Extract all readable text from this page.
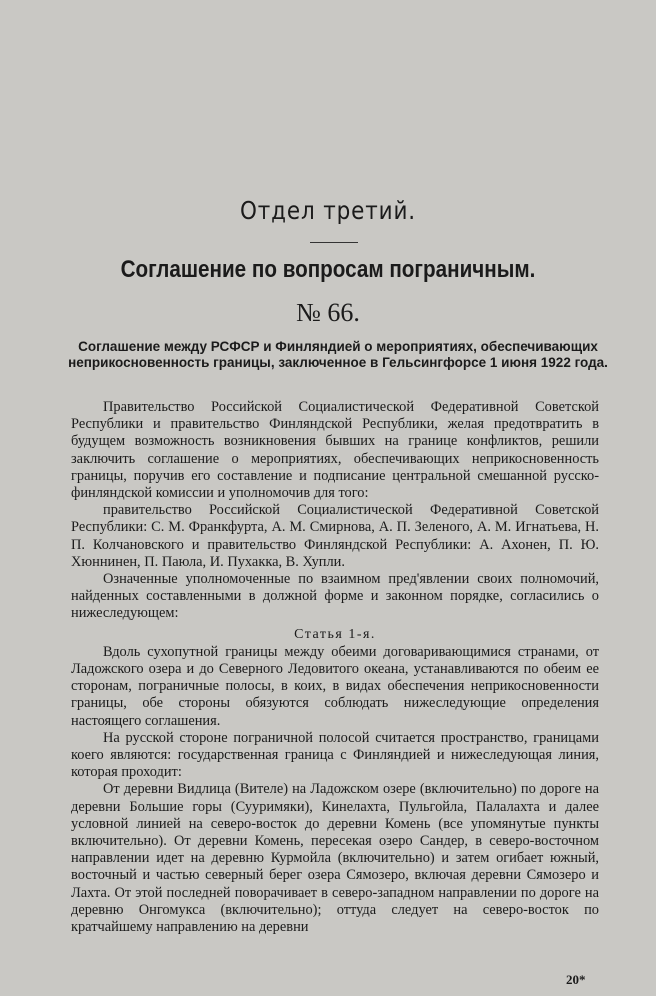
Отдел третий.
Соглашение по вопросам пограничным.
№ 66.
Соглашение между РСФСР и Финляндией о мероприятиях, обеспечивающих неприкосновенность границы, заключенное в Гельсингфорсе 1 июня 1922 года.

Правительство Российской Социалистической Федеративной Советской Республики и правительство Финляндской Республики, желая предотвратить в будущем возможность возникновения бывших на границе конфликтов, решили заключить соглашение о мероприятиях, обеспечивающих неприкосновенность границы, поручив его составление и подписание центральной смешанной русско-финляндской комиссии и уполномочив для того:

правительство Российской Социалистической Федеративной Советской Республики: С. М. Франкфурта, А. М. Смирнова, А. П. Зеленого, А. М. Игнатьева, Н. П. Колчановского и правительство Финляндской Республики: А. Ахонен, П. Ю. Хюннинен, П. Паюла, И. Пухакка, В. Хупли.

Означенные уполномоченные по взаимном пред'явлении своих полномочий, найденных составленными в должной форме и законном порядке, согласились о нижеследующем:

Статья 1-я.

Вдоль сухопутной границы между обеими договаривающимися странами, от Ладожского озера и до Северного Ледовитого океана, устанавливаются по обеим ее сторонам, пограничные полосы, в коих, в видах обеспечения неприкосновенности границы, обе стороны обязуются соблюдать нижеследующие определения настоящего соглашения.

На русской стороне пограничной полосой считается пространство, границами коего являются: государственная граница с Финляндией и нижеследующая линия, которая проходит:

От деревни Видлица (Вителе) на Ладожском озере (включительно) по дороге на деревни Большие горы (Сууримяки), Кинелахта, Пульгойла, Палалахта и далее условной линией на северо-восток до деревни Комень (все упомянутые пункты включительно). От деревни Комень, пересекая озеро Сандер, в северо-восточном направлении идет на деревню Курмойла (включительно) и затем огибает южный, восточный и частью северный берег озера Сямозеро, включая деревни Сямозеро и Лахта. От этой последней поворачивает в северо-западном направлении по дороге на деревню Онгомукса (включительно); оттуда следует на северо-восток по кратчайшему направлению на деревни

20*
